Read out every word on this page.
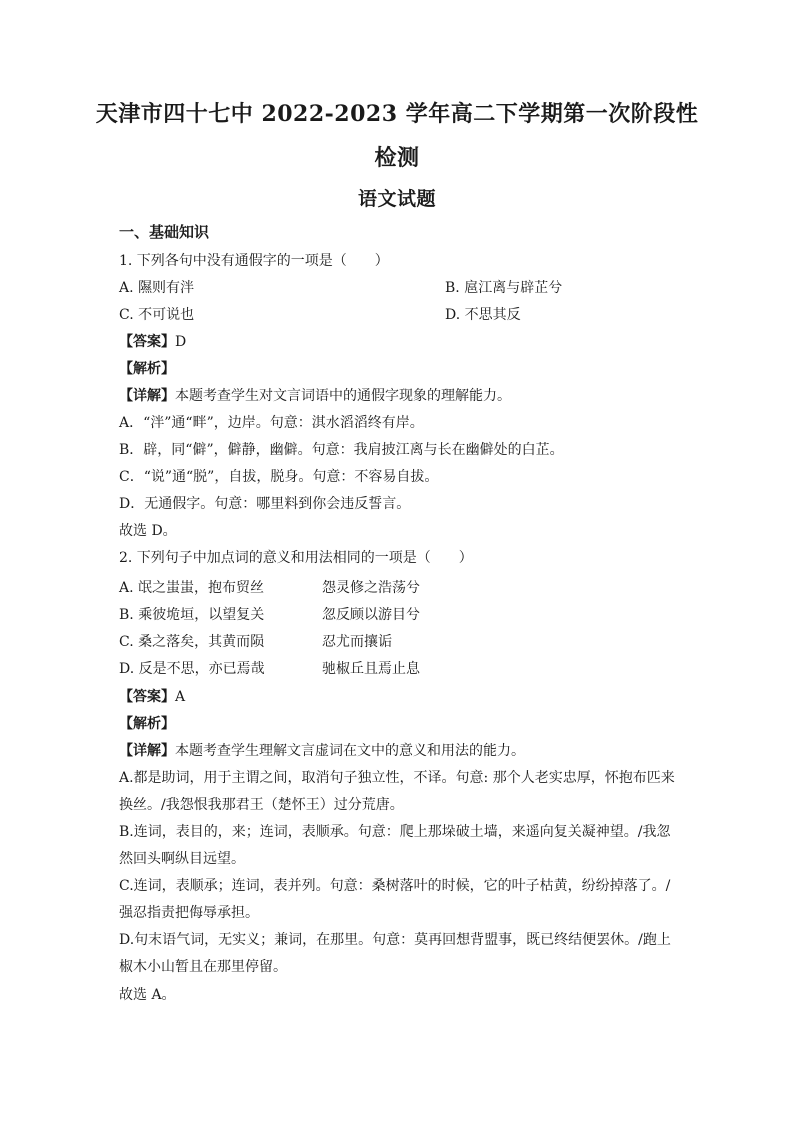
天津市四十七中 2022-2023 学年高二下学期第一次阶段性
检测
语文试题
一、基础知识
1. 下列各句中没有通假字的一项是（　　）
A. 隰则有泮	B. 扈江离与辟芷兮
C. 不可说也	D. 不思其反
【答案】D
【解析】
【详解】本题考查学生对文言词语中的通假字现象的理解能力。
A．“泮”通“畔”，边岸。句意：淇水滔滔终有岸。
B．辟，同“僻”，僻静，幽僻。句意：我肩披江离与长在幽僻处的白芷。
C．“说”通“脱”，自拔，脱身。句意：不容易自拔。
D．无通假字。句意：哪里料到你会违反誓言。
故选 D。
2. 下列句子中加点词的意义和用法相同的一项是（　　）
A. 氓之蚩蚩，抱布贸丝	怨灵修之浩荡兮
B. 乘彼垝垣，以望复关	忽反顾以游目兮
C. 桑之落矣，其黄而陨	忍尤而攘诟
D. 反是不思，亦已焉哉	驰椒丘且焉止息
【答案】A
【解析】
【详解】本题考查学生理解文言虚词在文中的意义和用法的能力。
A.都是助词，用于主谓之间，取消句子独立性，不译。句意: 那个人老实忠厚，怀抱布匹来
换丝。/我怨恨我那君王（楚怀王）过分荒唐。
B.连词，表目的，来；连词，表顺承。句意：爬上那垛破土墙，来遥向复关凝神望。/我忽
然回头啊纵目远望。
C.连词，表顺承；连词，表并列。句意：桑树落叶的时候，它的叶子枯黄，纷纷掉落了。/
强忍指责把侮辱承担。
D.句末语气词，无实义；兼词，在那里。句意：莫再回想背盟事，既已终结便罢休。/跑上
椒木小山暂且在那里停留。
故选 A。
